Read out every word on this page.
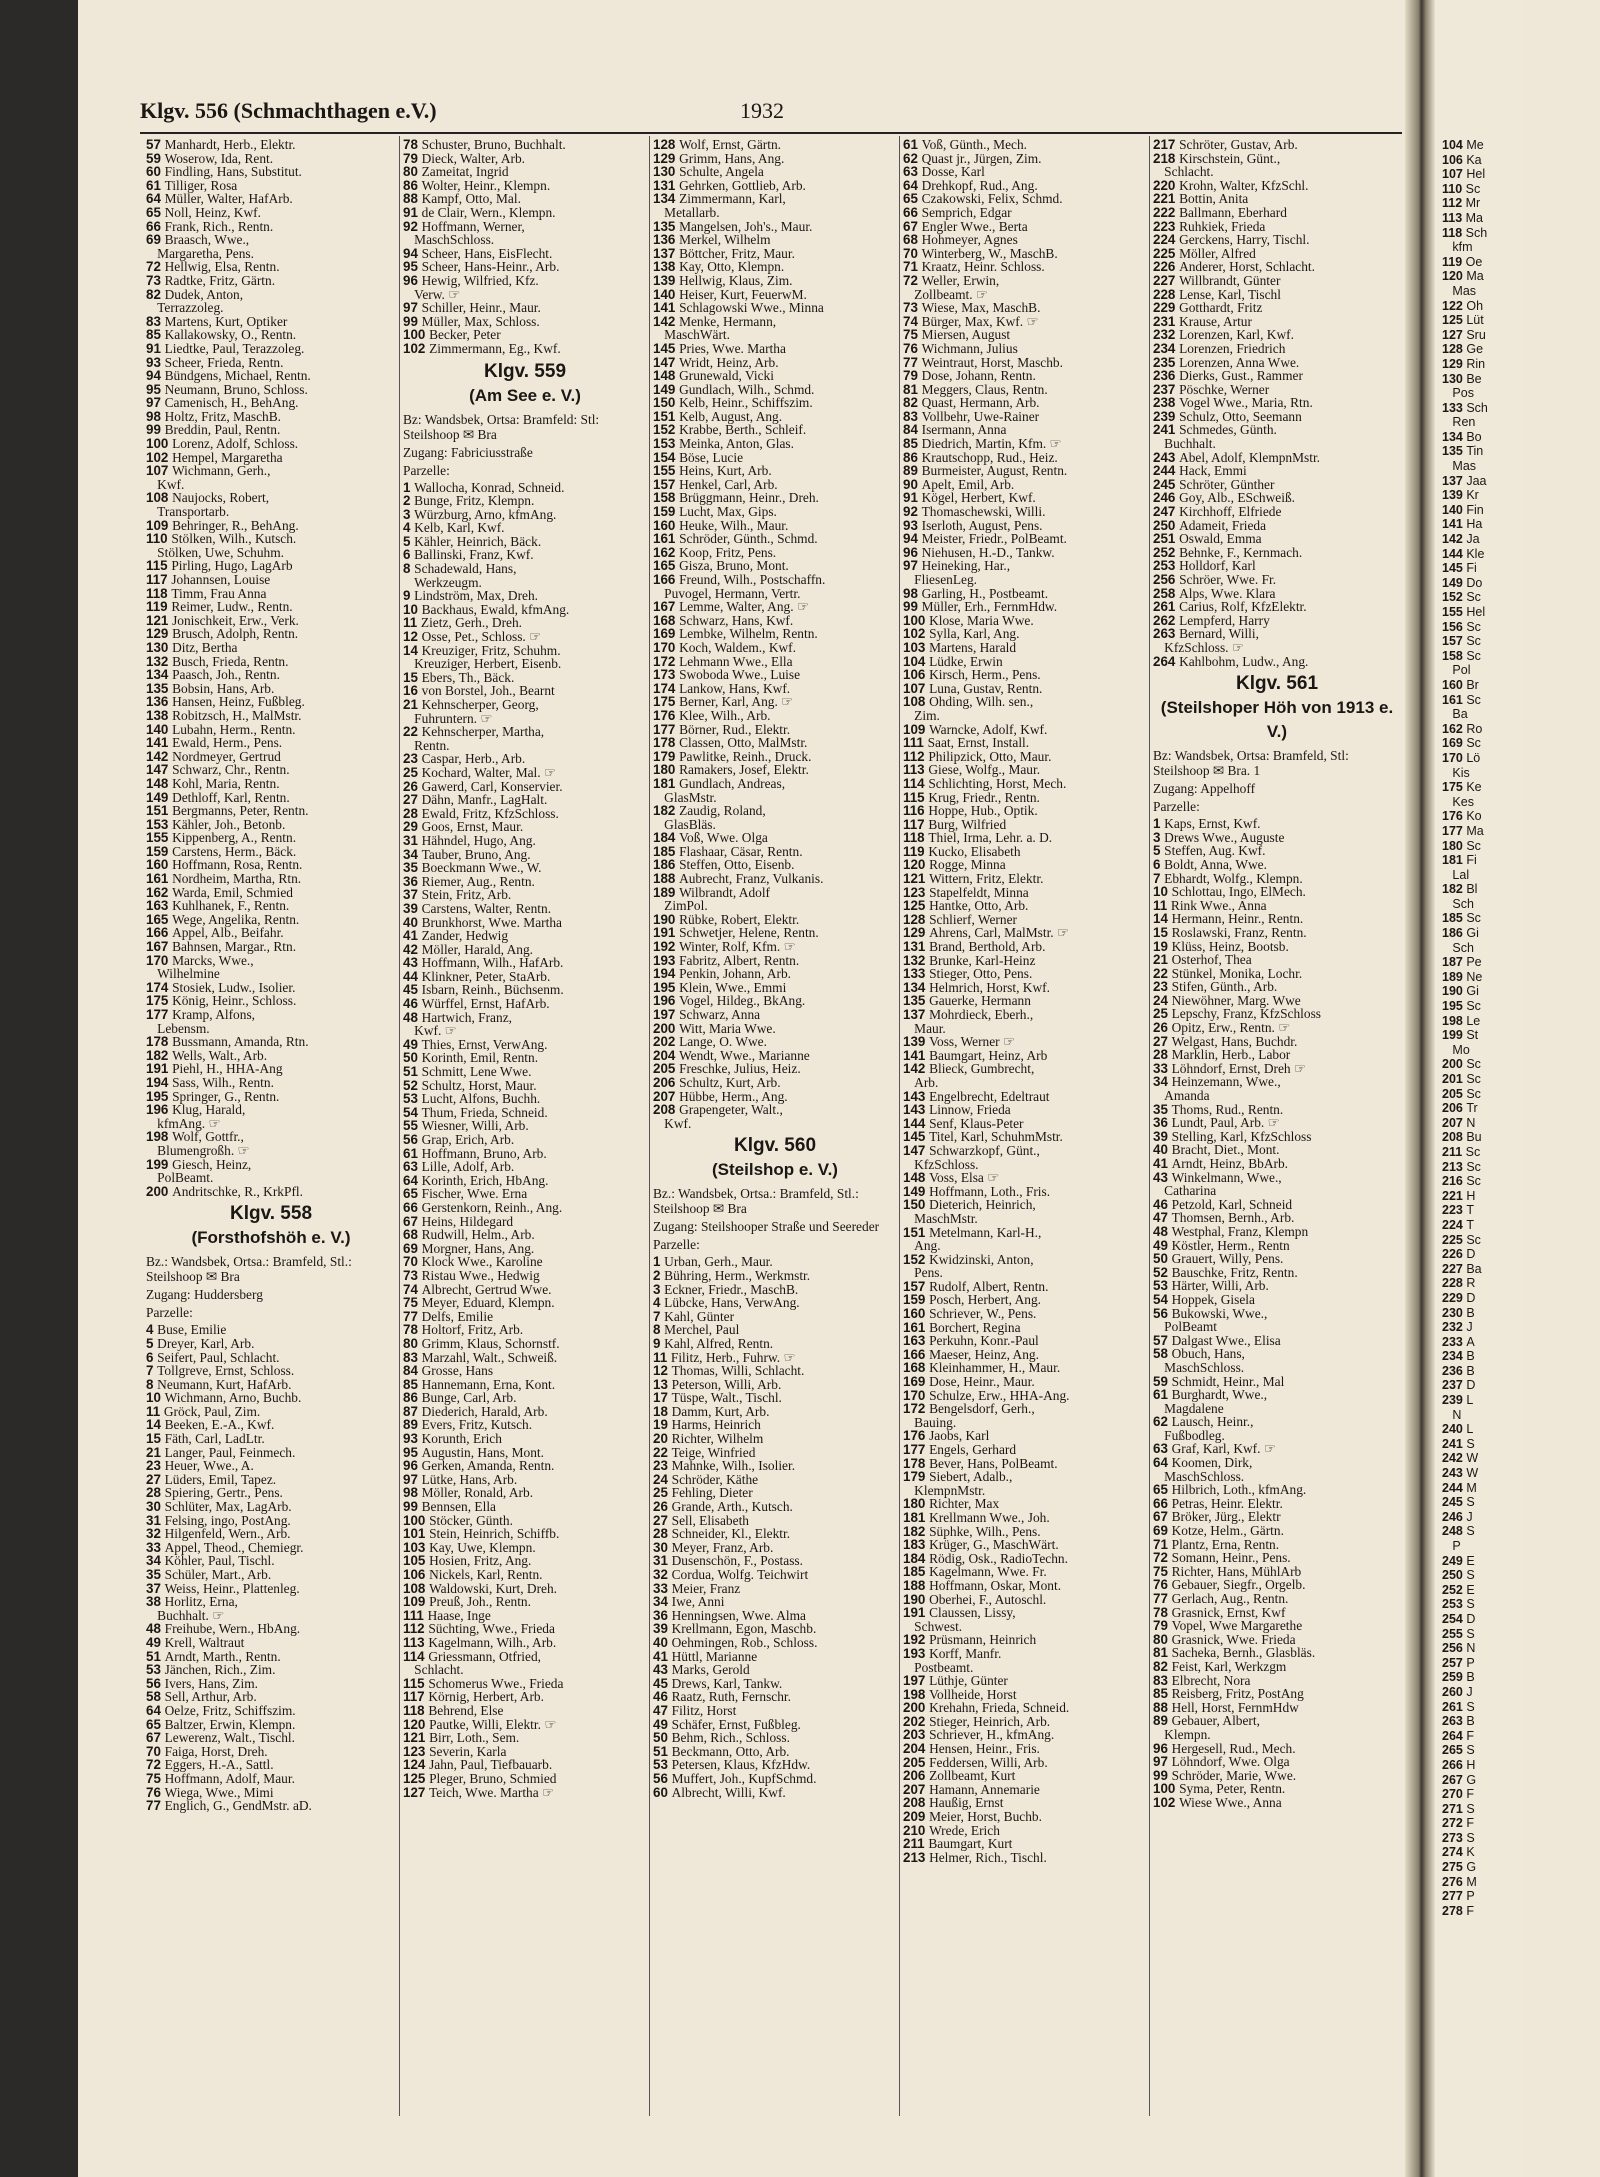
Klgv. 556 (Schmachthagen e.V.)	1932
57 Manhardt, Herb., Elektr.
59 Woserow, Ida, Rent.
60 Findling, Hans, Substitut.
61 Tilliger, Rosa
64 Müller, Walter, HafArb.
65 Noll, Heinz, Kwf.
66 Frank, Rich., Rentn.
69 Braasch, Wwe.,
Margaretha, Pens.
72 Hellwig, Elsa, Rentn.
73 Radtke, Fritz, Gärtn.
82 Dudek, Anton,
Terrazzoleg.
83 Martens, Kurt, Optiker
85 Kallakowsky, O., Rentn.
91 Liedtke, Paul, Terazzoleg.
93 Scheer, Frieda, Rentn.
94 Bündgens, Michael, Rentn.
95 Neumann, Bruno, Schloss.
97 Camenisch, H., BehAng.
98 Holtz, Fritz, MaschB.
99 Breddin, Paul, Rentn.
100 Lorenz, Adolf, Schloss.
102 Hempel, Margaretha
107 Wichmann, Gerh.,
Kwf.
108 Naujocks, Robert,
Transportarb.
109 Behringer, R., BehAng.
110 Stölken, Wilh., Kutsch.
Stölken, Uwe, Schuhm.
115 Pirling, Hugo, LagArb
117 Johannsen, Louise
118 Timm, Frau Anna
119 Reimer, Ludw., Rentn.
121 Jonischkeit, Erw., Verk.
129 Brusch, Adolph, Rentn.
130 Ditz, Bertha
132 Busch, Frieda, Rentn.
134 Paasch, Joh., Rentn.
135 Bobsin, Hans, Arb.
136 Hansen, Heinz, Fußbleg.
138 Robitzsch, H., MalMstr.
140 Lubahn, Herm., Rentn.
141 Ewald, Herm., Pens.
142 Nordmeyer, Gertrud
147 Schwarz, Chr., Rentn.
148 Kohl, Maria, Rentn.
149 Dethloff, Karl, Rentn.
151 Bergmanns, Peter, Rentn.
153 Kähler, Joh., Betonb.
155 Kippenberg, A., Rentn.
159 Carstens, Herm., Bäck.
160 Hoffmann, Rosa, Rentn.
161 Nordheim, Martha, Rtn.
162 Warda, Emil, Schmied
163 Kuhlhanek, F., Rentn.
165 Wege, Angelika, Rentn.
166 Appel, Alb., Beifahr.
167 Bahnsen, Margar., Rtn.
170 Marcks, Wwe.,
Wilhelmine
174 Stosiek, Ludw., Isolier.
175 König, Heinr., Schloss.
177 Kramp, Alfons,
Lebensm.
178 Bussmann, Amanda, Rtn.
182 Wells, Walt., Arb.
191 Piehl, H., HHA-Ang
194 Sass, Wilh., Rentn.
195 Springer, G., Rentn.
196 Klug, Harald,
kfmAng. ☞
198 Wolf, Gottfr.,
Blumengroßh. ☞
199 Giesch, Heinz,
PolBeamt.
200 Andritschke, R., KrkPfl.
Klgv. 558
(Forsthofshöh e. V.)
Bz.: Wandsbek, Ortsa.: Bramfeld, Stl.: Steilshoop ✉ Bra
Zugang: Huddersberg
Parzelle:
4 Buse, Emilie
5 Dreyer, Karl, Arb.
6 Seifert, Paul, Schlacht.
7 Tollgreve, Ernst, Schloss.
8 Neumann, Kurt, HafArb.
10 Wichmann, Arno, Buchb.
11 Gröck, Paul, Zim.
14 Beeken, E.-A., Kwf.
15 Fäth, Carl, LadLtr.
21 Langer, Paul, Feinmech.
23 Heuer, Wwe., A.
27 Lüders, Emil, Tapez.
28 Spiering, Gertr., Pens.
30 Schlüter, Max, LagArb.
31 Felsing, ingo, PostAng.
32 Hilgenfeld, Wern., Arb.
33 Appel, Theod., Chemiegr.
34 Köhler, Paul, Tischl.
35 Schüler, Mart., Arb.
37 Weiss, Heinr., Plattenleg.
38 Horlitz, Erna,
Buchhalt. ☞
48 Freihube, Wern., HbAng.
49 Krell, Waltraut
51 Arndt, Marth., Rentn.
53 Jänchen, Rich., Zim.
56 Ivers, Hans, Zim.
58 Sell, Arthur, Arb.
64 Oelze, Fritz, Schiffszim.
65 Baltzer, Erwin, Klempn.
67 Lewerenz, Walt., Tischl.
70 Faiga, Horst, Dreh.
72 Eggers, H.-A., Sattl.
75 Hoffmann, Adolf, Maur.
76 Wiega, Wwe., Mimi
77 Englich, G., GendMstr. aD.
78 Schuster, Bruno, Buchhalt.
79 Dieck, Walter, Arb.
80 Zameitat, Ingrid
86 Wolter, Heinr., Klempn.
88 Kampf, Otto, Mal.
91 de Clair, Wern., Klempn.
92 Hoffmann, Werner,
MaschSchloss.
94 Scheer, Hans, EisFlecht.
95 Scheer, Hans-Heinr., Arb.
96 Hewig, Wilfried, Kfz.
Verw. ☞
97 Schiller, Heinr., Maur.
99 Müller, Max, Schloss.
100 Becker, Peter
102 Zimmermann, Eg., Kwf.
Klgv. 559
(Am See e. V.)
Bz: Wandsbek, Ortsa: Bramfeld: Stl: Steilshoop ✉ Bra
Zugang: Fabriciusstraße
Parzelle:
1 Wallocha, Konrad, Schneid.
2 Bunge, Fritz, Klempn.
3 Würzburg, Arno, kfmAng.
4 Kelb, Karl, Kwf.
5 Kähler, Heinrich, Bäck.
6 Ballinski, Franz, Kwf.
8 Schadewald, Hans,
Werkzeugm.
9 Lindström, Max, Dreh.
10 Backhaus, Ewald, kfmAng.
11 Zietz, Gerh., Dreh.
12 Osse, Pet., Schloss. ☞
14 Kreuziger, Fritz, Schuhm.
Kreuziger, Herbert, Eisenb.
15 Ebers, Th., Bäck.
16 von Borstel, Joh., Bearnt
21 Kehnscherper, Georg,
Fuhruntern. ☞
22 Kehnscherper, Martha,
Rentn.
23 Caspar, Herb., Arb.
25 Kochard, Walter, Mal. ☞
26 Gawerd, Carl, Konservier.
27 Dähn, Manfr., LagHalt.
28 Ewald, Fritz, KfzSchloss.
29 Goos, Ernst, Maur.
31 Hähndel, Hugo, Ang.
34 Tauber, Bruno, Ang.
35 Boeckmann Wwe., W.
36 Riemer, Aug., Rentn.
37 Stein, Fritz, Arb.
39 Carstens, Walter, Rentn.
40 Brunkhorst, Wwe. Martha
41 Zander, Hedwig
42 Möller, Harald, Ang.
43 Hoffmann, Wilh., HafArb.
44 Klinkner, Peter, StaArb.
45 Isbarn, Reinh., Büchsenm.
46 Würffel, Ernst, HafArb.
48 Hartwich, Franz,
Kwf. ☞
49 Thies, Ernst, VerwAng.
50 Korinth, Emil, Rentn.
51 Schmitt, Lene Wwe.
52 Schultz, Horst, Maur.
53 Lucht, Alfons, Buchh.
54 Thum, Frieda, Schneid.
55 Wiesner, Willi, Arb.
56 Grap, Erich, Arb.
61 Hoffmann, Bruno, Arb.
63 Lille, Adolf, Arb.
64 Korinth, Erich, HbAng.
65 Fischer, Wwe. Erna
66 Gerstenkorn, Reinh., Ang.
67 Heins, Hildegard
68 Rudwill, Helm., Arb.
69 Morgner, Hans, Ang.
70 Klock Wwe., Karoline
73 Ristau Wwe., Hedwig
74 Albrecht, Gertrud Wwe.
75 Meyer, Eduard, Klempn.
77 Delfs, Emilie
78 Holtorf, Fritz, Arb.
80 Grimm, Klaus, Schornstf.
83 Marzahl, Walt., Schweiß.
84 Grosse, Hans
85 Hannemann, Erna, Kont.
86 Bunge, Carl, Arb.
87 Diederich, Harald, Arb.
89 Evers, Fritz, Kutsch.
93 Korunth, Erich
95 Augustin, Hans, Mont.
96 Gerken, Amanda, Rentn.
97 Lütke, Hans, Arb.
98 Möller, Ronald, Arb.
99 Bennsen, Ella
100 Stöcker, Günth.
101 Stein, Heinrich, Schiffb.
103 Kay, Uwe, Klempn.
105 Hosien, Fritz, Ang.
106 Nickels, Karl, Rentn.
108 Waldowski, Kurt, Dreh.
109 Preuß, Joh., Rentn.
111 Haase, Inge
112 Süchting, Wwe., Frieda
113 Kagelmann, Wilh., Arb.
114 Griessmann, Otfried,
Schlacht.
115 Schomerus Wwe., Frieda
117 Körnig, Herbert, Arb.
118 Behrend, Else
120 Pautke, Willi, Elektr. ☞
121 Birr, Loth., Sem.
123 Severin, Karla
124 Jahn, Paul, Tiefbauarb.
125 Pleger, Bruno, Schmied
127 Teich, Wwe. Martha ☞
128 Wolf, Ernst, Gärtn.
129 Grimm, Hans, Ang.
130 Schulte, Angela
131 Gehrken, Gottlieb, Arb.
134 Zimmermann, Karl,
Metallarb.
135 Mangelsen, Joh's., Maur.
136 Merkel, Wilhelm
137 Böttcher, Fritz, Maur.
138 Kay, Otto, Klempn.
139 Hellwig, Klaus, Zim.
140 Heiser, Kurt, FeuerwM.
141 Schlagowski Wwe., Minna
142 Menke, Hermann,
MaschWärt.
145 Pries, Wwe. Martha
147 Wridt, Heinz, Arb.
148 Grunewald, Vicki
149 Gundlach, Wilh., Schmd.
150 Kelb, Heinr., Schiffszim.
151 Kelb, August, Ang.
152 Krabbe, Berth., Schleif.
153 Meinka, Anton, Glas.
154 Böse, Lucie
155 Heins, Kurt, Arb.
157 Henkel, Carl, Arb.
158 Brüggmann, Heinr., Dreh.
159 Lucht, Max, Gips.
160 Heuke, Wilh., Maur.
161 Schröder, Günth., Schmd.
162 Koop, Fritz, Pens.
165 Gisza, Bruno, Mont.
166 Freund, Wilh., Postschaffn.
Puvogel, Hermann, Vertr.
167 Lemme, Walter, Ang. ☞
168 Schwarz, Hans, Kwf.
169 Lembke, Wilhelm, Rentn.
170 Koch, Waldem., Kwf.
172 Lehmann Wwe., Ella
173 Swoboda Wwe., Luise
174 Lankow, Hans, Kwf.
175 Berner, Karl, Ang. ☞
176 Klee, Wilh., Arb.
177 Börner, Rud., Elektr.
178 Classen, Otto, MalMstr.
179 Pawlitke, Reinh., Druck.
180 Ramakers, Josef, Elektr.
181 Gundlach, Andreas,
GlasMstr.
182 Zaudig, Roland,
GlasBläs.
184 Voß, Wwe. Olga
185 Flashaar, Cäsar, Rentn.
186 Steffen, Otto, Eisenb.
188 Aubrecht, Franz, Vulkanis.
189 Wilbrandt, Adolf
ZimPol.
190 Rübke, Robert, Elektr.
191 Schwetjer, Helene, Rentn.
192 Winter, Rolf, Kfm. ☞
193 Fabritz, Albert, Rentn.
194 Penkin, Johann, Arb.
195 Klein, Wwe., Emmi
196 Vogel, Hildeg., BkAng.
197 Schwarz, Anna
200 Witt, Maria Wwe.
202 Lange, O. Wwe.
204 Wendt, Wwe., Marianne
205 Freschke, Julius, Heiz.
206 Schultz, Kurt, Arb.
207 Hübbe, Herm., Ang.
208 Grapengeter, Walt.,
Kwf.
Klgv. 560
(Steilshop e. V.)
Bz.: Wandsbek, Ortsa.: Bramfeld, Stl.: Steilshoop ✉ Bra
Zugang: Steilshooper Straße und Seereder
Parzelle:
1 Urban, Gerh., Maur.
2 Bühring, Herm., Werkmstr.
3 Eckner, Friedr., MaschB.
4 Lübcke, Hans, VerwAng.
7 Kahl, Günter
8 Merchel, Paul
9 Kahl, Alfred, Rentn.
11 Filitz, Herb., Fuhrw. ☞
12 Thomas, Willi, Schlacht.
13 Peterson, Willi, Arb.
17 Tüspe, Walt., Tischl.
18 Damm, Kurt, Arb.
19 Harms, Heinrich
20 Richter, Wilhelm
22 Teige, Winfried
23 Mahnke, Wilh., Isolier.
24 Schröder, Käthe
25 Fehling, Dieter
26 Grande, Arth., Kutsch.
27 Sell, Elisabeth
28 Schneider, Kl., Elektr.
30 Meyer, Franz, Arb.
31 Dusenschön, F., Postass.
32 Cordua, Wolfg. Teichwirt
33 Meier, Franz
34 Iwe, Anni
36 Henningsen, Wwe. Alma
39 Krellmann, Egon, Maschb.
40 Oehmingen, Rob., Schloss.
41 Hüttl, Marianne
43 Marks, Gerold
45 Drews, Karl, Tankw.
46 Raatz, Ruth, Fernschr.
47 Filitz, Horst
49 Schäfer, Ernst, Fußbleg.
50 Behm, Rich., Schloss.
51 Beckmann, Otto, Arb.
53 Petersen, Klaus, KfzHdw.
56 Muffert, Joh., KupfSchmd.
60 Albrecht, Willi, Kwf.
61 Voß, Günth., Mech.
62 Quast jr., Jürgen, Zim.
63 Dosse, Karl
64 Drehkopf, Rud., Ang.
65 Czakowski, Felix, Schmd.
66 Semprich, Edgar
67 Engler Wwe., Berta
68 Hohmeyer, Agnes
70 Winterberg, W., MaschB.
71 Kraatz, Heinr. Schloss.
72 Weller, Erwin,
Zollbeamt. ☞
73 Wiese, Max, MaschB.
74 Bürger, Max, Kwf. ☞
75 Miersen, August
76 Wichmann, Julius
77 Weintraut, Horst, Maschb.
79 Dose, Johann, Rentn.
81 Meggers, Claus, Rentn.
82 Quast, Hermann, Arb.
83 Vollbehr, Uwe-Rainer
84 Isermann, Anna
85 Diedrich, Martin, Kfm. ☞
86 Krautschopp, Rud., Heiz.
89 Burmeister, August, Rentn.
90 Apelt, Emil, Arb.
91 Kögel, Herbert, Kwf.
92 Thomaschewski, Willi.
93 Iserloth, August, Pens.
94 Meister, Friedr., PolBeamt.
96 Niehusen, H.-D., Tankw.
97 Heineking, Har.,
FliesenLeg.
98 Garling, H., Postbeamt.
99 Müller, Erh., FernmHdw.
100 Klose, Maria Wwe.
102 Sylla, Karl, Ang.
103 Martens, Harald
104 Lüdke, Erwin
106 Kirsch, Herm., Pens.
107 Luna, Gustav, Rentn.
108 Ohding, Wilh. sen.,
Zim.
109 Warncke, Adolf, Kwf.
111 Saat, Ernst, Install.
112 Philipzick, Otto, Maur.
113 Giese, Wolfg., Maur.
114 Schlichting, Horst, Mech.
115 Krug, Friedr., Rentn.
116 Hoppe, Hub., Optik.
117 Burg, Wilfried
118 Thiel, Irma, Lehr. a. D.
119 Kucko, Elisabeth
120 Rogge, Minna
121 Wittern, Fritz, Elektr.
123 Stapelfeldt, Minna
125 Hantke, Otto, Arb.
128 Schlierf, Werner
129 Ahrens, Carl, MalMstr. ☞
131 Brand, Berthold, Arb.
132 Brunke, Karl-Heinz
133 Stieger, Otto, Pens.
134 Helmrich, Horst, Kwf.
135 Gauerke, Hermann
137 Mohrdieck, Eberh.,
Maur.
139 Voss, Werner ☞
141 Baumgart, Heinz, Arb
142 Blieck, Gumbrecht,
Arb.
143 Engelbrecht, Edeltraut
143 Linnow, Frieda
144 Senf, Klaus-Peter
145 Titel, Karl, SchuhmMstr.
147 Schwarzkopf, Günt.,
KfzSchloss.
148 Voss, Elsa ☞
149 Hoffmann, Loth., Fris.
150 Dieterich, Heinrich,
MaschMstr.
151 Metelmann, Karl-H.,
Ang.
152 Kwidzinski, Anton,
Pens.
157 Rudolf, Albert, Rentn.
159 Posch, Herbert, Ang.
160 Schriever, W., Pens.
161 Borchert, Regina
163 Perkuhn, Konr.-Paul
166 Maeser, Heinz, Ang.
168 Kleinhammer, H., Maur.
169 Dose, Heinr., Maur.
170 Schulze, Erw., HHA-Ang.
172 Bengelsdorf, Gerh.,
Bauing.
176 Jaobs, Karl
177 Engels, Gerhard
178 Bever, Hans, PolBeamt.
179 Siebert, Adalb.,
KlempnMstr.
180 Richter, Max
181 Krellmann Wwe., Joh.
182 Süphke, Wilh., Pens.
183 Krüger, G., MaschWärt.
184 Rödig, Osk., RadioTechn.
185 Kagelmann, Wwe. Fr.
188 Hoffmann, Oskar, Mont.
190 Oberhei, F., Autoschl.
191 Claussen, Lissy,
Schwest.
192 Prüsmann, Heinrich
193 Korff, Manfr.
Postbeamt.
197 Lüthje, Günter
198 Vollheide, Horst
200 Krehahn, Frieda, Schneid.
202 Stieger, Heinrich, Arb.
203 Schriever, H., kfmAng.
204 Hensen, Heinr., Fris.
205 Feddersen, Willi, Arb.
206 Zollbeamt, Kurt
207 Hamann, Annemarie
208 Haußig, Ernst
209 Meier, Horst, Buchb.
210 Wrede, Erich
211 Baumgart, Kurt
213 Helmer, Rich., Tischl.
217 Schröter, Gustav, Arb.
218 Kirschstein, Günt.,
Schlacht.
220 Krohn, Walter, KfzSchl.
221 Bottin, Anita
222 Ballmann, Eberhard
223 Ruhkiek, Frieda
224 Gerckens, Harry, Tischl.
225 Möller, Alfred
226 Anderer, Horst, Schlacht.
227 Willbrandt, Günter
228 Lense, Karl, Tischl
229 Gotthardt, Fritz
231 Krause, Artur
232 Lorenzen, Karl, Kwf.
234 Lorenzen, Friedrich
235 Lorenzen, Anna Wwe.
236 Dierks, Gust., Rammer
237 Pöschke, Werner
238 Vogel Wwe., Maria, Rtn.
239 Schulz, Otto, Seemann
241 Schmedes, Günth.
Buchhalt.
243 Abel, Adolf, KlempnMstr.
244 Hack, Emmi
245 Schröter, Günther
246 Goy, Alb., ESchweiß.
247 Kirchhoff, Elfriede
250 Adameit, Frieda
251 Oswald, Emma
252 Behnke, F., Kernmach.
253 Holldorf, Karl
256 Schröer, Wwe. Fr.
258 Alps, Wwe. Klara
261 Carius, Rolf, KfzElektr.
262 Lempferd, Harry
263 Bernard, Willi,
KfzSchloss. ☞
264 Kahlbohm, Ludw., Ang.
Klgv. 561
(Steilshoper Höh von 1913 e. V.)
Bz: Wandsbek, Ortsa: Bramfeld, Stl: Steilshoop ✉ Bra. 1
Zugang: Appelhoff
Parzelle:
1 Kaps, Ernst, Kwf.
3 Drews Wwe., Auguste
5 Steffen, Aug. Kwf.
6 Boldt, Anna, Wwe.
7 Ebhardt, Wolfg., Klempn.
10 Schlottau, Ingo, ElMech.
11 Rink Wwe., Anna
14 Hermann, Heinr., Rentn.
15 Roslawski, Franz, Rentn.
19 Klüss, Heinz, Bootsb.
21 Osterhof, Thea
22 Stünkel, Monika, Lochr.
23 Stifen, Günth., Arb.
24 Niewöhner, Marg. Wwe
25 Lepschy, Franz, KfzSchloss
26 Opitz, Erw., Rentn. ☞
27 Welgast, Hans, Buchdr.
28 Marklin, Herb., Labor
33 Löhndorf, Ernst, Dreh ☞
34 Heinzemann, Wwe.,
Amanda
35 Thoms, Rud., Rentn.
36 Lundt, Paul, Arb. ☞
39 Stelling, Karl, KfzSchloss
40 Bracht, Diet., Mont.
41 Arndt, Heinz, BbArb.
43 Winkelmann, Wwe.,
Catharina
46 Petzold, Karl, Schneid
47 Thomsen, Bernh., Arb.
48 Westphal, Franz, Klempn
49 Köstler, Herm., Rentn
50 Grauert, Willy, Pens.
52 Bauschke, Fritz, Rentn.
53 Härter, Willi, Arb.
54 Hoppek, Gisela
56 Bukowski, Wwe.,
PolBeamt
57 Dalgast Wwe., Elisa
58 Obuch, Hans,
MaschSchloss.
59 Schmidt, Heinr., Mal
61 Burghardt, Wwe.,
Magdalene
62 Lausch, Heinr.,
Fußbodleg.
63 Graf, Karl, Kwf. ☞
64 Koomen, Dirk,
MaschSchloss.
65 Hilbrich, Loth., kfmAng.
66 Petras, Heinr. Elektr.
67 Bröker, Jürg., Elektr
69 Kotze, Helm., Gärtn.
71 Plantz, Erna, Rentn.
72 Somann, Heinr., Pens.
75 Richter, Hans, MühlArb
76 Gebauer, Siegfr., Orgelb.
77 Gerlach, Aug., Rentn.
78 Grasnick, Ernst, Kwf
79 Vopel, Wwe Margarethe
80 Grasnick, Wwe. Frieda
81 Sacheka, Bernh., Glasbläs.
82 Feist, Karl, Werkzgm
83 Elbrecht, Nora
85 Reisberg, Fritz, PostAng
88 Hell, Horst, FernmHdw
89 Gebauer, Albert,
Klempn.
96 Hergesell, Rud., Mech.
97 Löhndorf, Wwe. Olga
99 Schröder, Marie, Wwe.
100 Syma, Peter, Rentn.
102 Wiese Wwe., Anna
104 Me
106 Ka
107 Hel
110 Sc
112 Mr
113 Ma
118 Sch
kfm
119 Oe
120 Ma
Mas
122 Oh
125 Lüt
127 Sru
128 Ge
129 Rin
130 Be
Pos
133 Sch
Ren
134 Bo
135 Tin
Mas
137 Jaa
139 Kr
140 Fin
141 Ha
142 Ja
144 Kle
145 Fi
149 Do
152 Sc
155 Hel
156 Sc
157 Sc
158 Sc
Pol
160 Br
161 Sc
Ba
162 Ro
169 Sc
170 Lö
Kis
175 Ke
Kes
176 Ko
177 Ma
180 Sc
181 Fi
Lal
182 Bl
Sch
185 Sc
186 Gi
Sch
187 Pe
189 Ne
190 Gi
195 Sc
198 Le
199 St
Mo
200 Sc
201 Sc
205 Sc
206 Tr
207 N
208 Bu
211 Sc
213 Sc
216 Sc
221 H
223 T
224 T
225 Sc
226 D
227 Ba
228 R
229 D
230 B
232 J
233 A
234 B
236 B
237 D
239 L
N
240 L
241 S
242 W
243 W
244 M
245 S
246 J
248 S
P
249 E
250 S
252 E
253 S
254 D
255 S
256 N
257 P
259 B
260 J
261 S
263 B
264 F
265 S
266 H
267 G
270 F
271 S
272 F
273 S
274 K
275 G
276 M
277 P
278 F
